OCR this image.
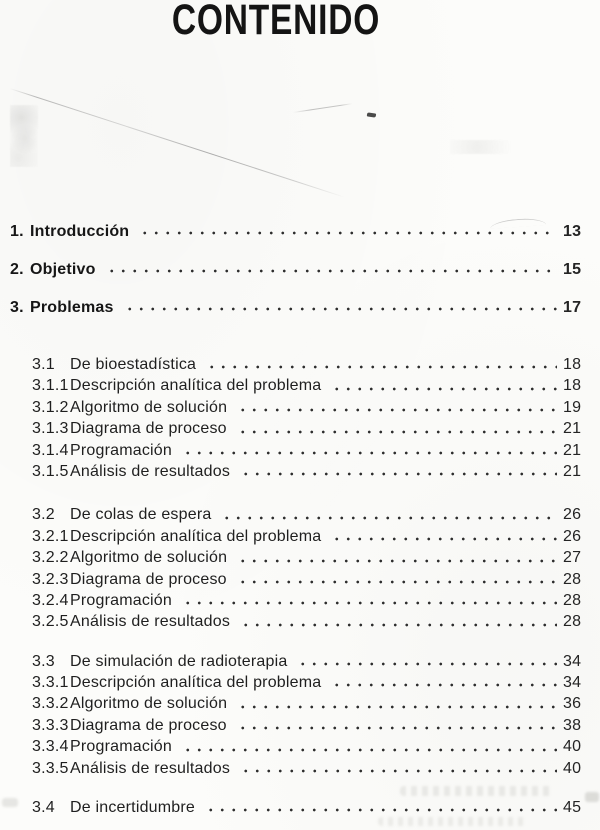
CONTENIDO
1. Introducción	13
2. Objetivo	15
3. Problemas	17
3.1 De bioestadística	18
3.1.1 Descripción analítica del problema	18
3.1.2 Algoritmo de solución	19
3.1.3 Diagrama de proceso	21
3.1.4 Programación	21
3.1.5 Análisis de resultados	21
3.2 De colas de espera	26
3.2.1 Descripción analítica del problema	26
3.2.2 Algoritmo de solución	27
3.2.3 Diagrama de proceso	28
3.2.4 Programación	28
3.2.5 Análisis de resultados	28
3.3 De simulación de radioterapia	34
3.3.1 Descripción analítica del problema	34
3.3.2 Algoritmo de solución	36
3.3.3 Diagrama de proceso	38
3.3.4 Programación	40
3.3.5 Análisis de resultados	40
3.4 De incertidumbre	45
